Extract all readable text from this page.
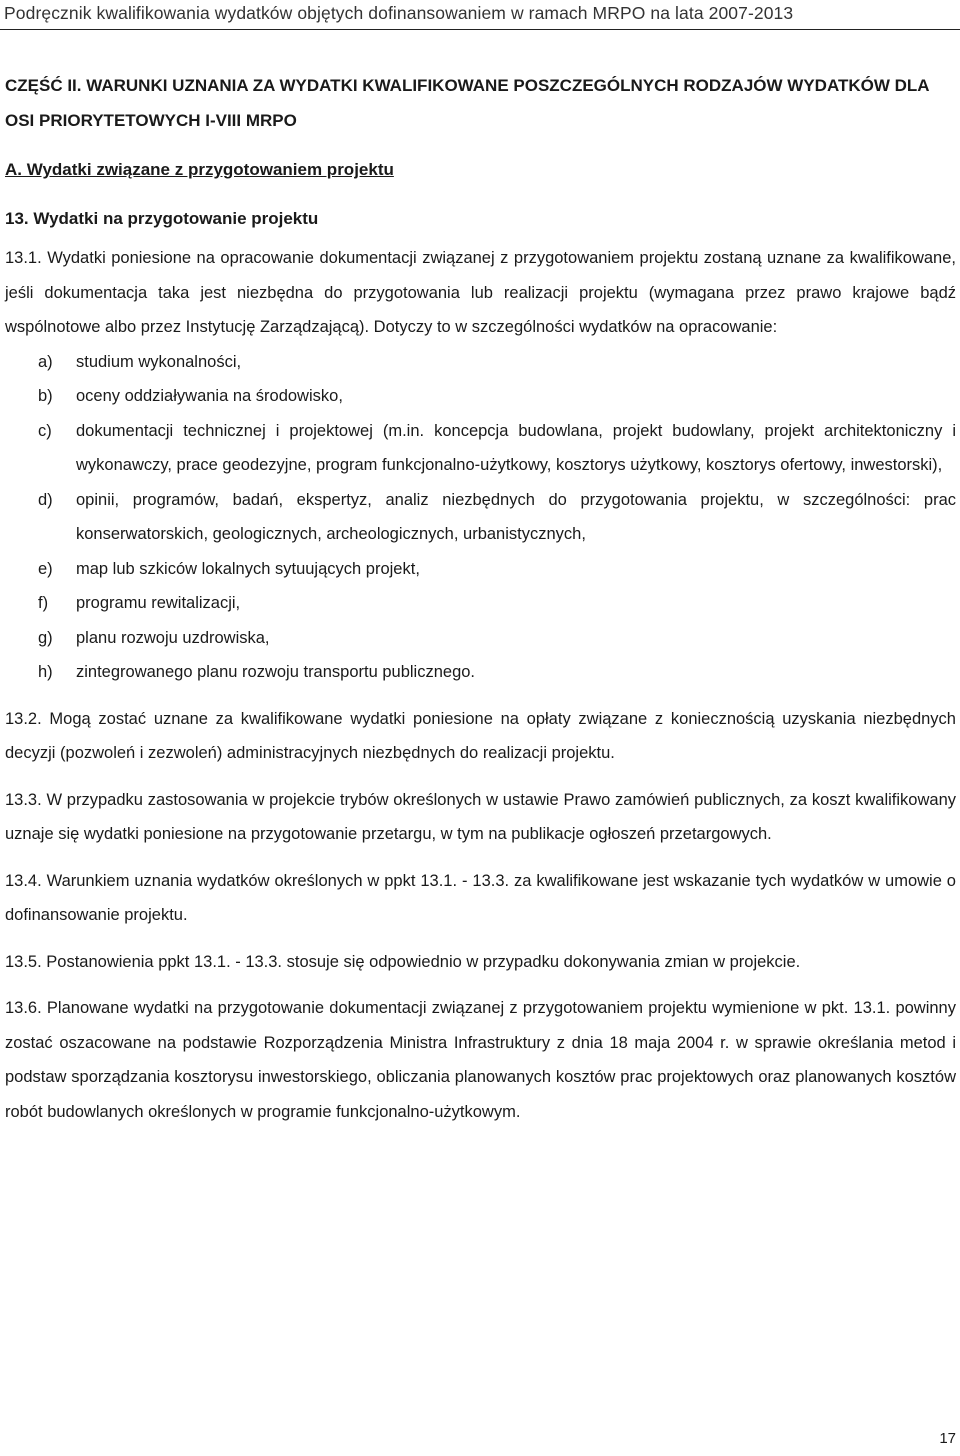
Podręcznik kwalifikowania wydatków objętych dofinansowaniem w ramach MRPO na lata 2007-2013
CZĘŚĆ II. WARUNKI UZNANIA ZA WYDATKI KWALIFIKOWANE POSZCZEGÓLNYCH RODZAJÓW WYDATKÓW DLA OSI PRIORYTETOWYCH I-VIII MRPO
A. Wydatki związane z przygotowaniem projektu
13. Wydatki na przygotowanie projektu

13.1. Wydatki poniesione na opracowanie dokumentacji związanej z przygotowaniem projektu zostaną uznane za kwalifikowane, jeśli dokumentacja taka jest niezbędna do przygotowania lub realizacji projektu (wymagana przez prawo krajowe bądź wspólnotowe albo przez Instytucję Zarządzającą). Dotyczy to w szczególności wydatków na opracowanie:

a) studium wykonalności,
b) oceny oddziaływania na środowisko,
c) dokumentacji technicznej i projektowej (m.in. koncepcja budowlana, projekt budowlany, projekt architektoniczny i wykonawczy, prace geodezyjne, program funkcjonalno-użytkowy, kosztorys użytkowy, kosztorys ofertowy, inwestorski),
d) opinii, programów, badań, ekspertyz, analiz niezbędnych do przygotowania projektu, w szczególności: prac konserwatorskich, geologicznych, archeologicznych, urbanistycznych,
e) map lub szkiców lokalnych sytuujących projekt,
f) programu rewitalizacji,
g) planu rozwoju uzdrowiska,
h) zintegrowanego planu rozwoju transportu publicznego.

13.2. Mogą zostać uznane za kwalifikowane wydatki poniesione na opłaty związane z koniecznością uzyskania niezbędnych decyzji (pozwoleń i zezwoleń) administracyjnych niezbędnych do realizacji projektu.

13.3. W przypadku zastosowania w projekcie trybów określonych w ustawie Prawo zamówień publicznych, za koszt kwalifikowany uznaje się wydatki poniesione na przygotowanie przetargu, w tym na publikacje ogłoszeń przetargowych.

13.4. Warunkiem uznania wydatków określonych w ppkt 13.1. - 13.3. za kwalifikowane jest wskazanie tych wydatków w umowie o dofinansowanie projektu.

13.5. Postanowienia ppkt 13.1. - 13.3. stosuje się odpowiednio w przypadku dokonywania zmian w projekcie.

13.6. Planowane wydatki na przygotowanie dokumentacji związanej z przygotowaniem projektu wymienione w pkt. 13.1. powinny zostać oszacowane na podstawie Rozporządzenia Ministra Infrastruktury z dnia 18 maja 2004 r. w sprawie określania metod i podstaw sporządzania kosztorysu inwestorskiego, obliczania planowanych kosztów prac projektowych oraz planowanych kosztów robót budowlanych określonych w programie funkcjonalno-użytkowym.

17
